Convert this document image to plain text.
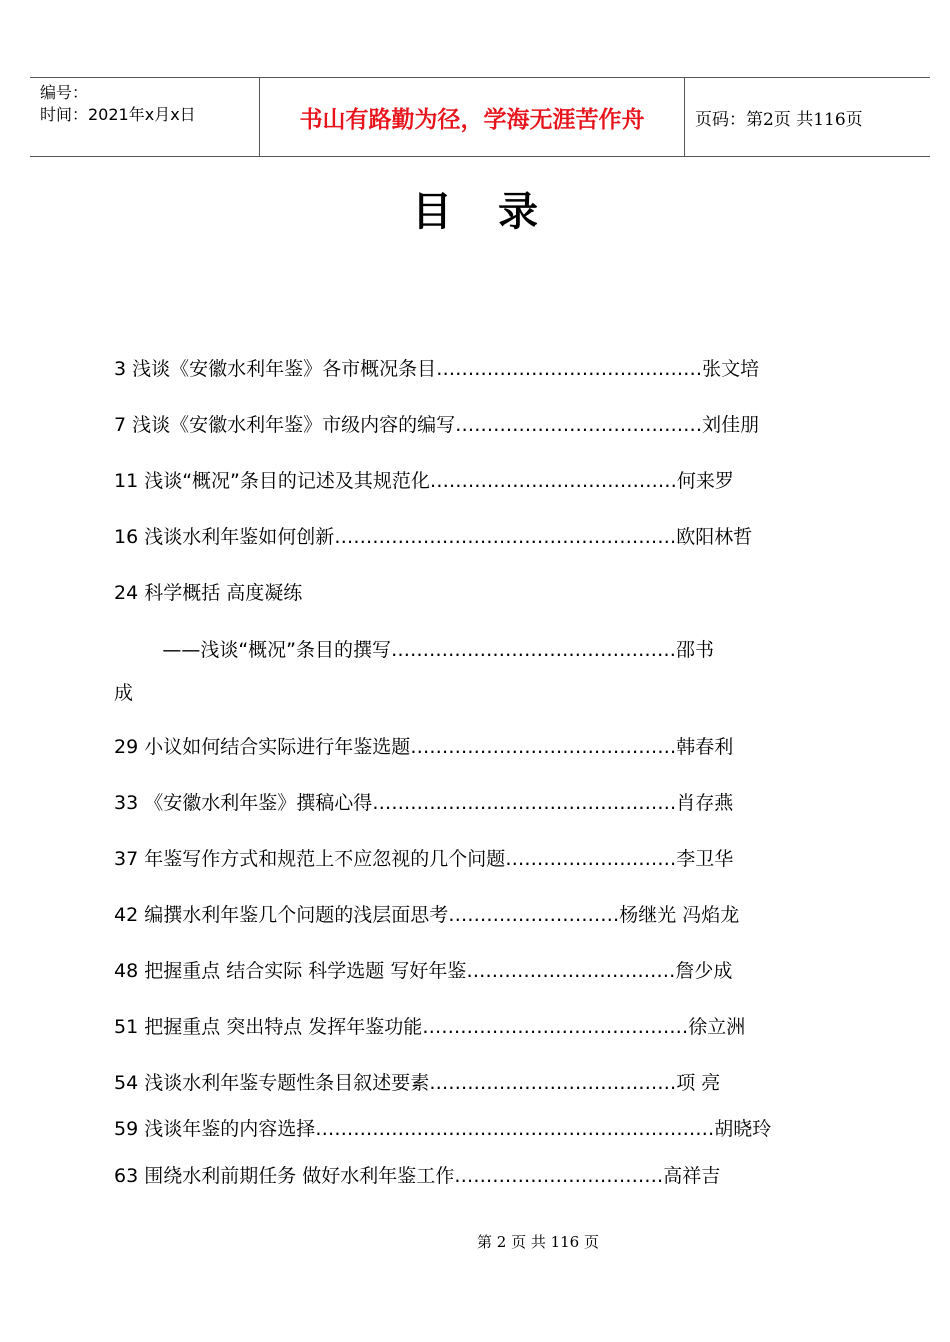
编号：
时间：2021年x月x日	书山有路勤为径，学海无涯苦作舟	页码：第2页 共116页
目录
3 浅谈《安徽水利年鉴》各市概况条目……………………………………张文培
7 浅谈《安徽水利年鉴》市级内容的编写…………………………………刘佳朋
11 浅谈“概况”条目的记述及其规范化…………………………………何来罗
16 浅谈水利年鉴如何创新………………………………………………欧阳林哲
24 科学概括 高度凝练
——浅谈“概况”条目的撰写………………………………………邵书
成
29 小议如何结合实际进行年鉴选题……………………………………韩春利
33 《安徽水利年鉴》撰稿心得…………………………………………肖存燕
37 年鉴写作方式和规范上不应忽视的几个问题………………………李卫华
42 编撰水利年鉴几个问题的浅层面思考………………………杨继光 冯焰龙
48 把握重点 结合实际 科学选题 写好年鉴……………………………詹少成
51 把握重点 突出特点 发挥年鉴功能……………………………………徐立洲
54 浅谈水利年鉴专题性条目叙述要素…………………………………项 亮
59 浅谈年鉴的内容选择………………………………………………………胡晓玲
63 围绕水利前期任务 做好水利年鉴工作……………………………高祥吉
第 2 页 共 116 页
